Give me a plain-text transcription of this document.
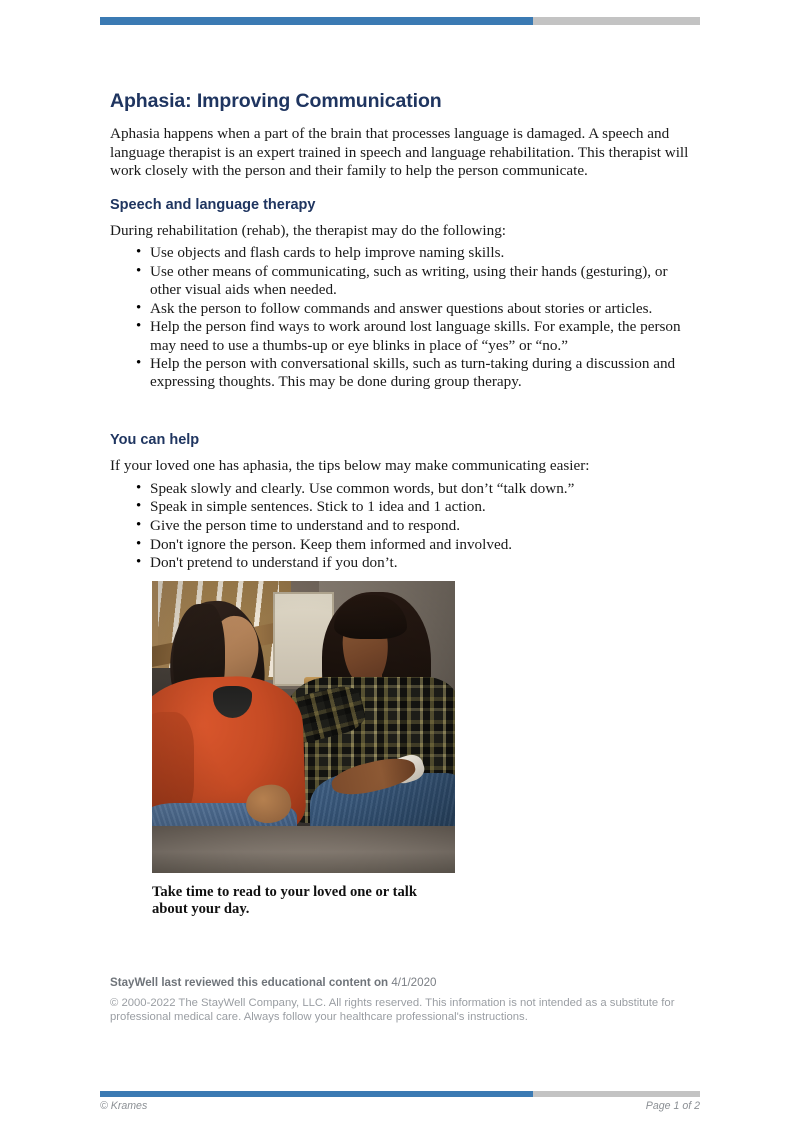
Aphasia: Improving Communication

Aphasia happens when a part of the brain that processes language is damaged. A speech and language therapist is an expert trained in speech and language rehabilitation. This therapist will work closely with the person and their family to help the person communicate.

Speech and language therapy

During rehabilitation (rehab), the therapist may do the following:

• Use objects and flash cards to help improve naming skills.
• Use other means of communicating, such as writing, using their hands (gesturing), or other visual aids when needed.
• Ask the person to follow commands and answer questions about stories or articles.
• Help the person find ways to work around lost language skills. For example, the person may need to use a thumbs-up or eye blinks in place of “yes” or “no.”
• Help the person with conversational skills, such as turn-taking during a discussion and expressing thoughts. This may be done during group therapy.
You can help

If your loved one has aphasia, the tips below may make communicating easier:

• Speak slowly and clearly. Use common words, but don’t “talk down.”
• Speak in simple sentences. Stick to 1 idea and 1 action.
• Give the person time to understand and to respond.
• Don't ignore the person. Keep them informed and involved.
• Don't pretend to understand if you don’t.
Take time to read to your loved one or talk about your day.

StayWell last reviewed this educational content on 4/1/2020

© 2000-2022 The StayWell Company, LLC. All rights reserved. This information is not intended as a substitute for professional medical care. Always follow your healthcare professional's instructions.

© Krames	Page 1 of 2
